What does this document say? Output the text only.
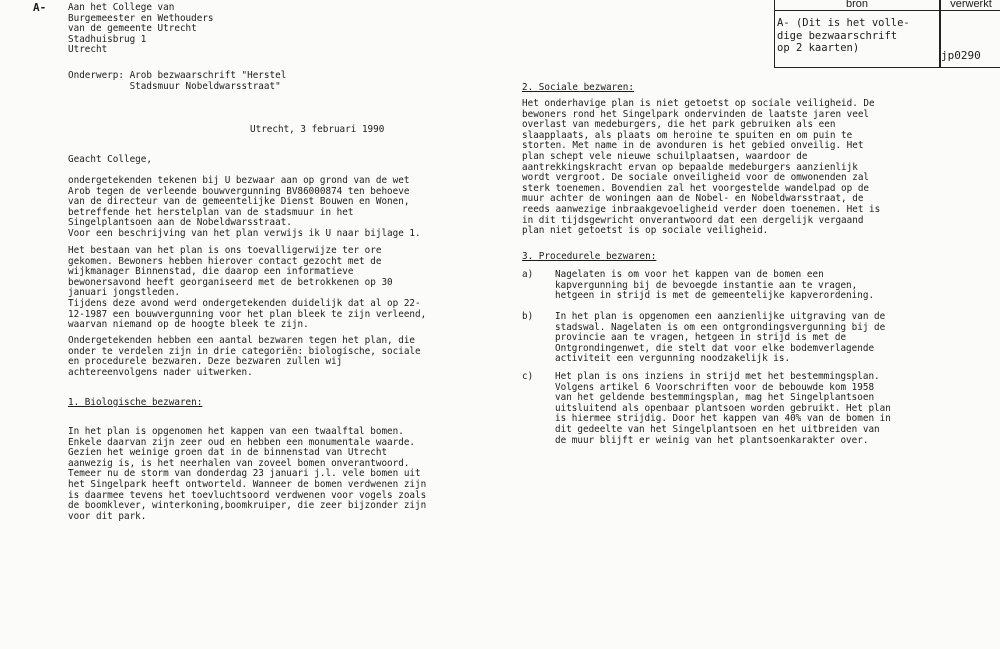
A-	bron	verwerkt
A- (Dit is het volle-
dige bezwaarschrift
op 2 kaarten)
jp0290
Aan het College van
Burgemeester en Wethouders
van de gemeente Utrecht
Stadhuisbrug 1
Utrecht
Onderwerp: Arob bezwaarschrift "Herstel
Stadsmuur Nobeldwarsstraat"
Utrecht, 3 februari 1990
Geacht College,
ondergetekenden tekenen bij U bezwaar aan op grond van de wet
Arob tegen de verleende bouwvergunning BV86000874 ten behoeve
van de directeur van de gemeentelijke Dienst Bouwen en Wonen,
betreffende het herstelplan van de stadsmuur in het
Singelplantsoen aan de Nobeldwarsstraat.
Voor een beschrijving van het plan verwijs ik U naar bijlage 1.
Het bestaan van het plan is ons toevalligerwijze ter ore
gekomen. Bewoners hebben hierover contact gezocht met de
wijkmanager Binnenstad, die daarop een informatieve
bewonersavond heeft georganiseerd met de betrokkenen op 30
januari jongstleden.
Tijdens deze avond werd ondergetekenden duidelijk dat al op 22-
12-1987 een bouwvergunning voor het plan bleek te zijn verleend,
waarvan niemand op de hoogte bleek te zijn.
Ondergetekenden hebben een aantal bezwaren tegen het plan, die
onder te verdelen zijn in drie categoriën: biologische, sociale
en procedurele bezwaren. Deze bezwaren zullen wij
achtereenvolgens nader uitwerken.
1. Biologische bezwaren:
In het plan is opgenomen het kappen van een twaalftal bomen.
Enkele daarvan zijn zeer oud en hebben een monumentale waarde.
Gezien het weinige groen dat in de binnenstad van Utrecht
aanwezig is, is het neerhalen van zoveel bomen onverantwoord.
Temeer nu de storm van donderdag 23 januari j.l. vele bomen uit
het Singelpark heeft ontworteld. Wanneer de bomen verdwenen zijn
is daarmee tevens het toevluchtsoord verdwenen voor vogels zoals
de boomklever, winterkoning,boomkruiper, die zeer bijzonder zijn
voor dit park.
2. Sociale bezwaren:
Het onderhavige plan is niet getoetst op sociale veiligheid. De
bewoners rond het Singelpark ondervinden de laatste jaren veel
overlast van medeburgers, die het park gebruiken als een
slaapplaats, als plaats om heroine te spuiten en om puin te
storten. Met name in de avonduren is het gebied onveilig. Het
plan schept vele nieuwe schuilplaatsen, waardoor de
aantrekkingskracht ervan op bepaalde medeburgers aanzienlijk
wordt vergroot. De sociale onveiligheid voor de omwonenden zal
sterk toenemen. Bovendien zal het voorgestelde wandelpad op de
muur achter de woningen aan de Nobel- en Nobeldwarsstraat, de
reeds aanwezige inbraakgevoeligheid verder doen toenemen. Het is
in dit tijdsgewricht onverantwoord dat een dergelijk vergaand
plan niet getoetst is op sociale veiligheid.
3. Procedurele bezwaren:
a) Nagelaten is om voor het kappen van de bomen een
kapvergunning bij de bevoegde instantie aan te vragen,
hetgeen in strijd is met de gemeentelijke kapverordening.
b) In het plan is opgenomen een aanzienlijke uitgraving van de
stadswal. Nagelaten is om een ontgrondingsvergunning bij de
provincie aan te vragen, hetgeen in strijd is met de
Ontgrondingenwet, die stelt dat voor elke bodemverlagende
activiteit een vergunning noodzakelijk is.
c) Het plan is ons inziens in strijd met het bestemmingsplan.
Volgens artikel 6 Voorschriften voor de bebouwde kom 1958
van het geldende bestemmingsplan, mag het Singelplantsoen
uitsluitend als openbaar plantsoen worden gebruikt. Het plan
is hiermee strijdig. Door het kappen van 40% van de bomen in
dit gedeelte van het Singelplantsoen en het uitbreiden van
de muur blijft er weinig van het plantsoenkarakter over.
